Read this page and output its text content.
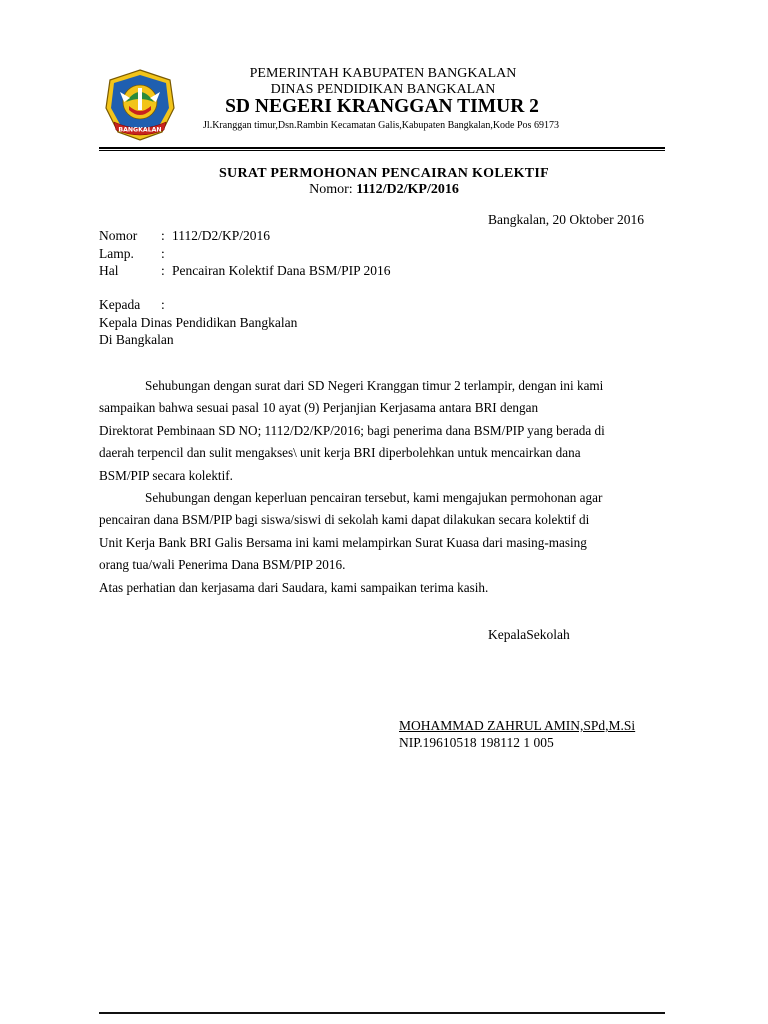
BANGKALAN
PEMERINTAH KABUPATEN BANGKALAN
DINAS PENDIDIKAN BANGKALAN
SD NEGERI KRANGGAN TIMUR 2
Jl.Kranggan timur,Dsn.Rambin Kecamatan Galis,Kabupaten Bangkalan,Kode Pos 69173
SURAT PERMOHONAN PENCAIRAN KOLEKTIF
Nomor: 1112/D2/KP/2016
Bangkalan, 20 Oktober 2016
Nomor : 1112/D2/KP/2016
Lamp. :
Hal	: Pencairan Kolektif Dana BSM/PIP 2016
Kepada :
Kepala Dinas Pendidikan Bangkalan
Di Bangkalan
Sehubungan dengan surat dari SD Negeri Kranggan timur 2 terlampir, dengan ini kami
sampaikan bahwa sesuai pasal 10 ayat (9) Perjanjian Kerjasama antara BRI dengan
Direktorat Pembinaan SD NO; 1112/D2/KP/2016; bagi penerima dana BSM/PIP yang berada di
daerah terpencil dan sulit mengakses\ unit kerja BRI diperbolehkan untuk mencairkan dana
BSM/PIP secara kolektif.
Sehubungan dengan keperluan pencairan tersebut, kami mengajukan permohonan agar
pencairan dana BSM/PIP bagi siswa/siswi di sekolah kami dapat dilakukan secara kolektif di
Unit Kerja Bank BRI Galis Bersama ini kami melampirkan Surat Kuasa dari masing-masing
orang tua/wali Penerima Dana BSM/PIP 2016.
Atas perhatian dan kerjasama dari Saudara, kami sampaikan terima kasih.
KepalaSekolah
MOHAMMAD ZAHRUL AMIN,SPd,M.Si
NIP.19610518 198112 1 005
